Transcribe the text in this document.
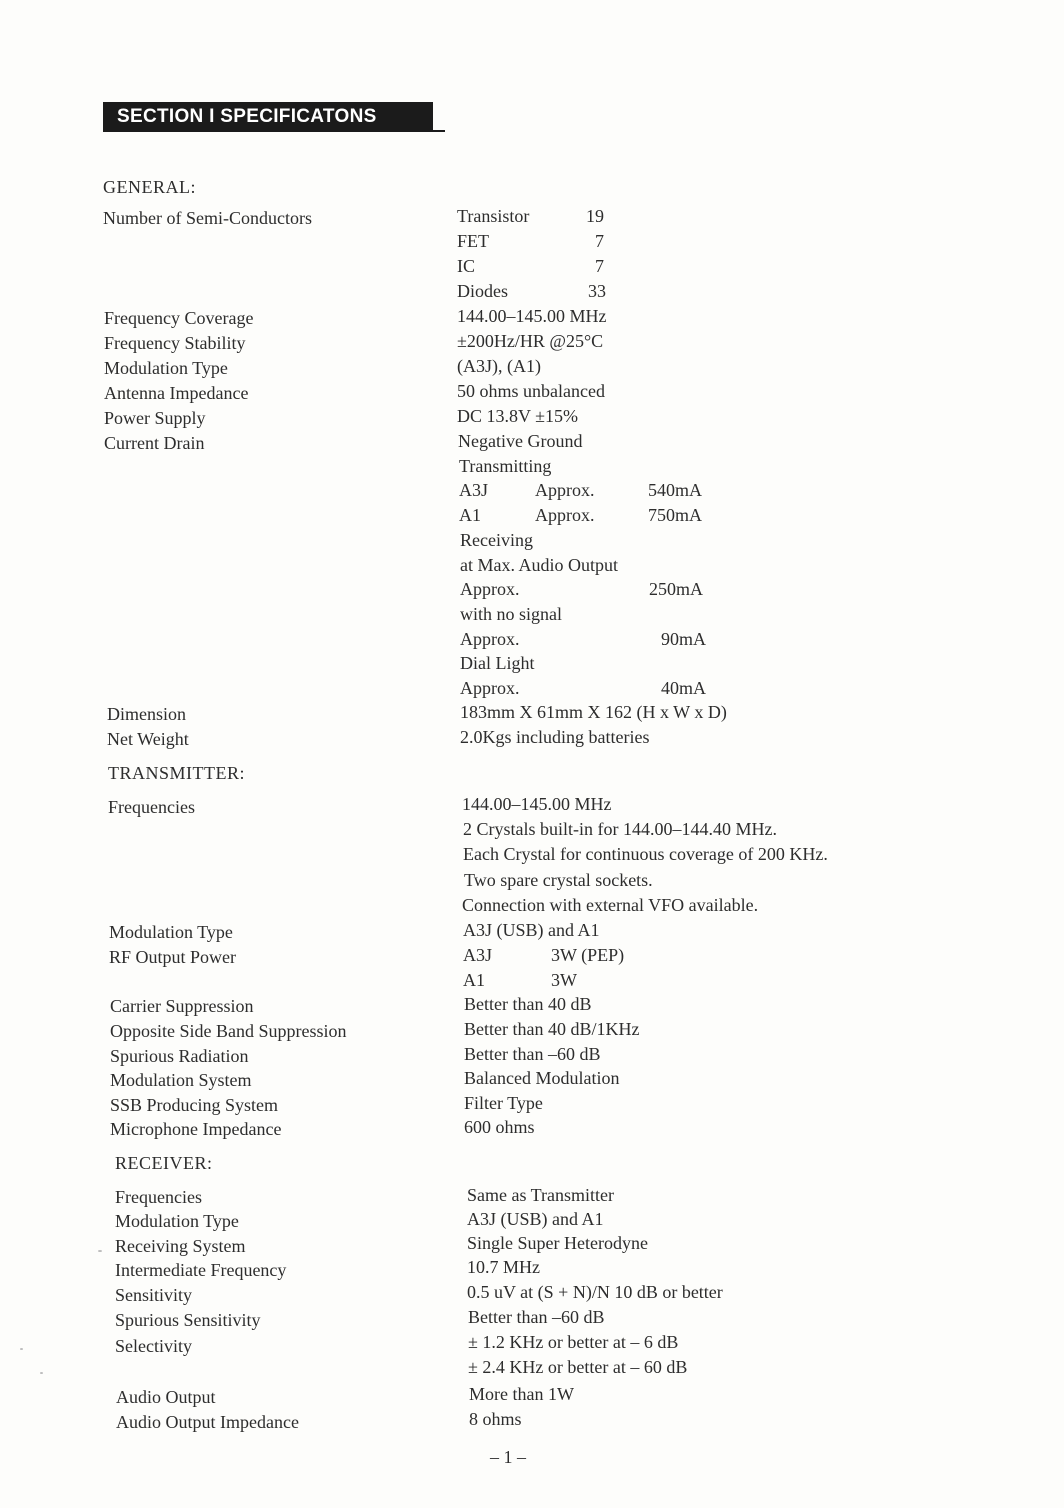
SECTION I SPECIFICATONS
GENERAL:
Number of Semi-Conductors	Transistor	19
FET	7
IC	7
Diodes	33
Frequency Coverage	144.00–145.00 MHz
Frequency Stability	±200Hz/HR @25°C
Modulation Type	(A3J), (A1)
Antenna Impedance	50 ohms unbalanced
Power Supply	DC 13.8V ±15%
Current Drain	Negative Ground
Transmitting
A3J	Approx.	540mA
A1	Approx.	750mA
Receiving
at Max. Audio Output
Approx.	250mA
with no signal
Approx.	90mA
Dial Light
Approx.	40mA
Dimension	183mm X 61mm X 162 (H x W x D)
Net Weight	2.0Kgs including batteries
TRANSMITTER:
Frequencies	144.00–145.00 MHz
2 Crystals built-in for 144.00–144.40 MHz.
Each Crystal for continuous coverage of 200 KHz.
Two spare crystal sockets.
Connection with external VFO available.
Modulation Type	A3J (USB) and A1
RF Output Power	A3J	3W (PEP)
A1	3W
Carrier Suppression	Better than 40 dB
Opposite Side Band Suppression	Better than 40 dB/1KHz
Spurious Radiation	Better than –60 dB
Modulation System	Balanced Modulation
SSB Producing System	Filter Type
Microphone Impedance	600 ohms
RECEIVER:
Frequencies	Same as Transmitter
Modulation Type	A3J (USB) and A1
Receiving System	Single Super Heterodyne
Intermediate Frequency	10.7 MHz
Sensitivity	0.5 uV at (S + N)/N 10 dB or better
Spurious Sensitivity	Better than –60 dB
Selectivity	± 1.2 KHz or better at – 6 dB
± 2.4 KHz or better at – 60 dB
Audio Output	More than 1W
Audio Output Impedance	8 ohms
– 1 –
